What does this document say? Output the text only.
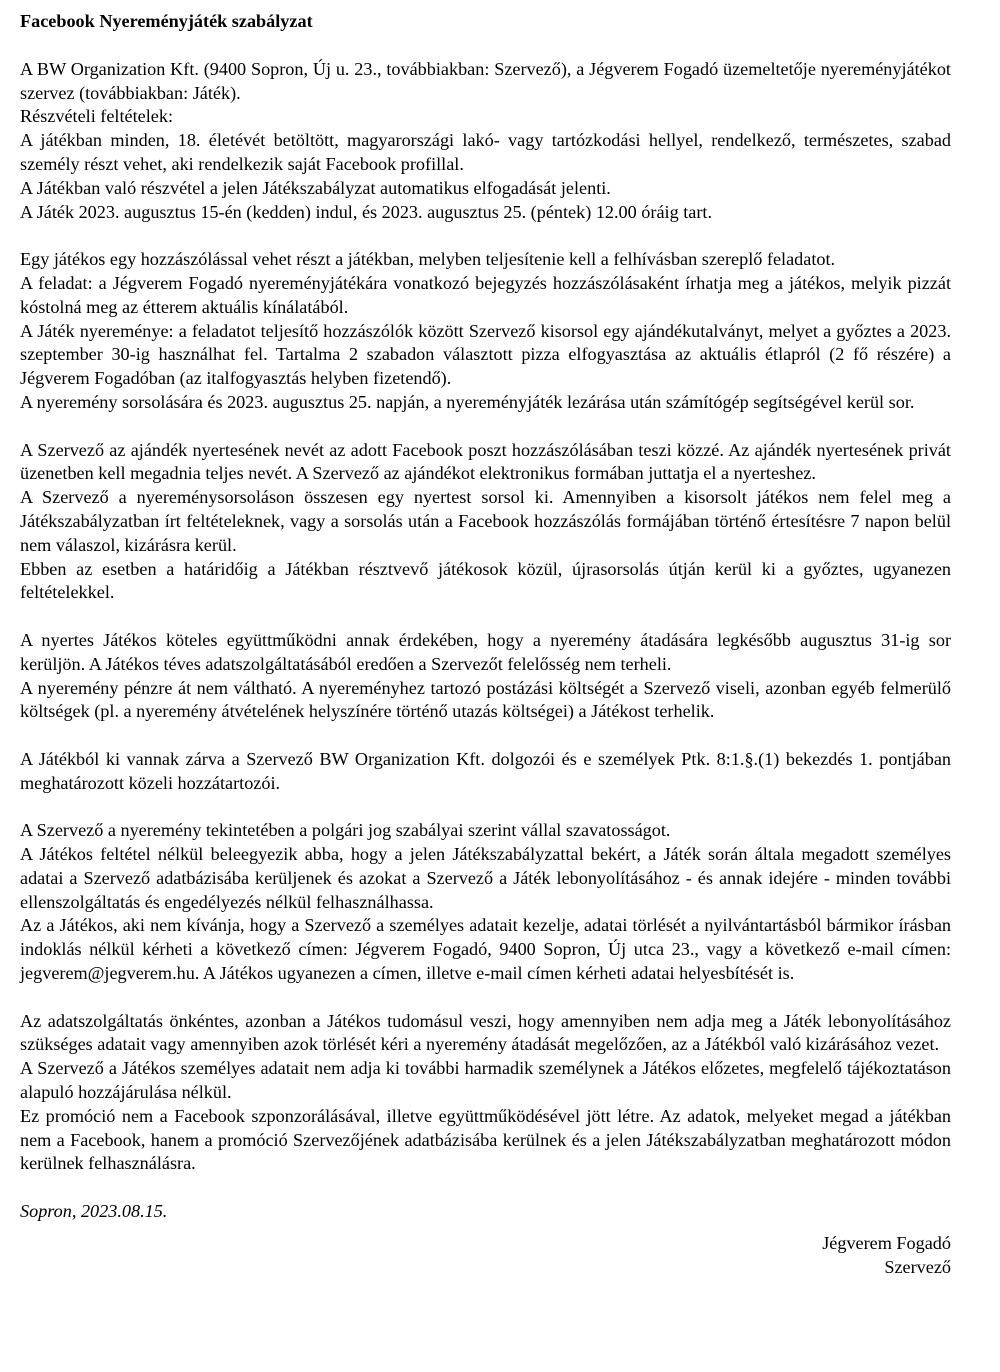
Facebook Nyereményjáték szabályzat

A BW Organization Kft. (9400 Sopron, Új u. 23., továbbiakban: Szervező), a Jégverem Fogadó üzemeltetője nyereményjátékot szervez (továbbiakban: Játék).

Részvételi feltételek:

A játékban minden, 18. életévét betöltött, magyarországi lakó- vagy tartózkodási hellyel, rendelkező, természetes, szabad személy részt vehet, aki rendelkezik saját Facebook profillal.

A Játékban való részvétel a jelen Játékszabályzat automatikus elfogadását jelenti.

A Játék 2023. augusztus 15-én (kedden) indul, és 2023. augusztus 25. (péntek) 12.00 óráig tart.

Egy játékos egy hozzászólással vehet részt a játékban, melyben teljesítenie kell a felhívásban szereplő feladatot.

A feladat: a Jégverem Fogadó nyereményjátékára vonatkozó bejegyzés hozzászólásaként írhatja meg a játékos, melyik pizzát kóstolná meg az étterem aktuális kínálatából.

A Játék nyereménye: a feladatot teljesítő hozzászólók között Szervező kisorsol egy ajándékutalványt, melyet a győztes a 2023. szeptember 30-ig használhat fel. Tartalma 2 szabadon választott pizza elfogyasztása az aktuális étlapról (2 fő részére) a Jégverem Fogadóban (az italfogyasztás helyben fizetendő).

A nyeremény sorsolására és 2023. augusztus 25. napján, a nyereményjáték lezárása után számítógép segítségével kerül sor.

A Szervező az ajándék nyertesének nevét az adott Facebook poszt hozzászólásában teszi közzé. Az ajándék nyertesének privát üzenetben kell megadnia teljes nevét. A Szervező az ajándékot elektronikus formában juttatja el a nyerteshez.

A Szervező a nyereménysorsoláson összesen egy nyertest sorsol ki. Amennyiben a kisorsolt játékos nem felel meg a Játékszabályzatban írt feltételeknek, vagy a sorsolás után a Facebook hozzászólás formájában történő értesítésre 7 napon belül nem válaszol, kizárásra kerül.

Ebben az esetben a határidőig a Játékban résztvevő játékosok közül, újrasorsolás útján kerül ki a győztes, ugyanezen feltételekkel.

A nyertes Játékos köteles együttműködni annak érdekében, hogy a nyeremény átadására legkésőbb augusztus 31-ig sor kerüljön. A Játékos téves adatszolgáltatásából eredően a Szervezőt felelősség nem terheli.

A nyeremény pénzre át nem váltható. A nyereményhez tartozó postázási költségét a Szervező viseli, azonban egyéb felmerülő költségek (pl. a nyeremény átvételének helyszínére történő utazás költségei) a Játékost terhelik.

A Játékból ki vannak zárva a Szervező BW Organization Kft. dolgozói és e személyek Ptk. 8:1.§.(1) bekezdés 1. pontjában meghatározott közeli hozzátartozói.

A Szervező a nyeremény tekintetében a polgári jog szabályai szerint vállal szavatosságot.

A Játékos feltétel nélkül beleegyezik abba, hogy a jelen Játékszabályzattal bekért, a Játék során általa megadott személyes adatai a Szervező adatbázisába kerüljenek és azokat a Szervező a Játék lebonyolításához - és annak idejére - minden további ellenszolgáltatás és engedélyezés nélkül felhasználhassa.

Az a Játékos, aki nem kívánja, hogy a Szervező a személyes adatait kezelje, adatai törlését a nyilvántartásból bármikor írásban indoklás nélkül kérheti a következő címen: Jégverem Fogadó, 9400 Sopron, Új utca 23., vagy a következő e-mail címen: jegverem@jegverem.hu. A Játékos ugyanezen a címen, illetve e-mail címen kérheti adatai helyesbítését is.

Az adatszolgáltatás önkéntes, azonban a Játékos tudomásul veszi, hogy amennyiben nem adja meg a Játék lebonyolításához szükséges adatait vagy amennyiben azok törlését kéri a nyeremény átadását megelőzően, az a Játékból való kizárásához vezet.

A Szervező a Játékos személyes adatait nem adja ki további harmadik személynek a Játékos előzetes, megfelelő tájékoztatáson alapuló hozzájárulása nélkül.

Ez promóció nem a Facebook szponzorálásával, illetve együttműködésével jött létre. Az adatok, melyeket megad a játékban nem a Facebook, hanem a promóció Szervezőjének adatbázisába kerülnek és a jelen Játékszabályzatban meghatározott módon kerülnek felhasználásra.

Sopron, 2023.08.15.

Jégverem Fogadó

Szervező
